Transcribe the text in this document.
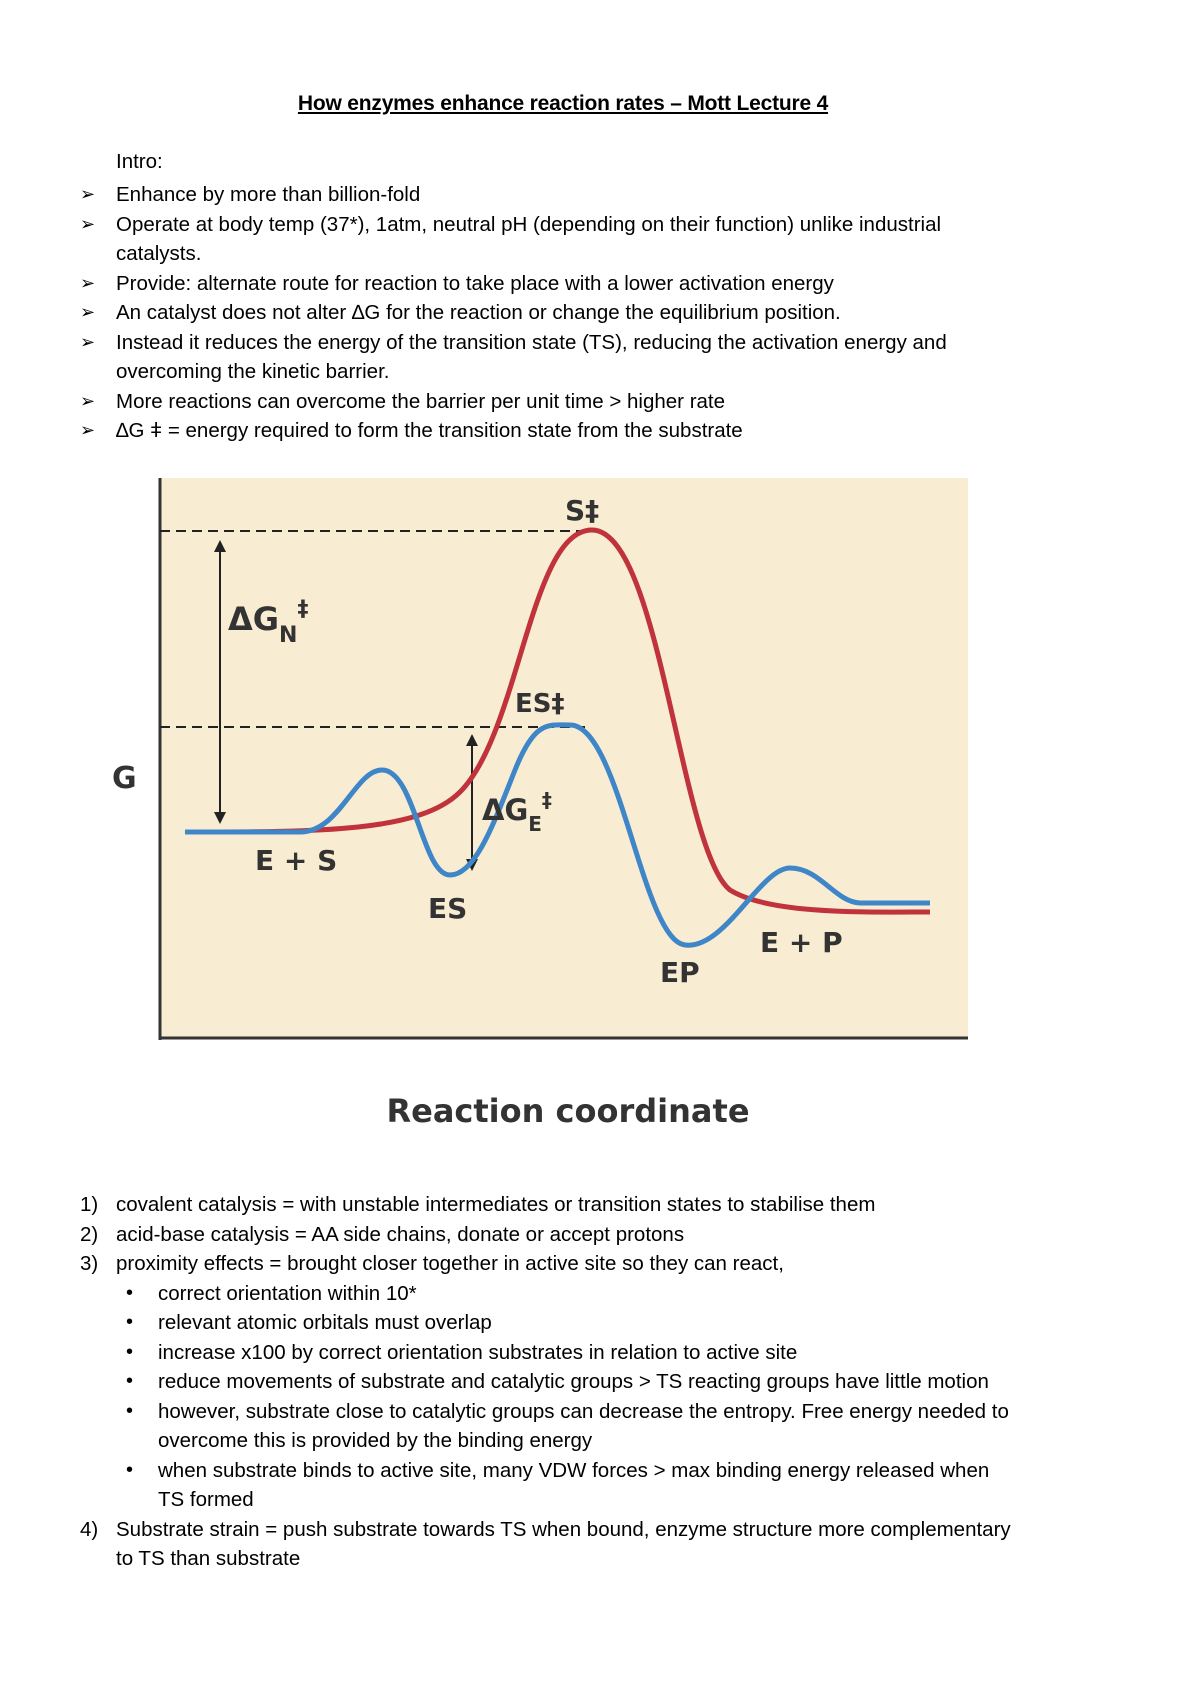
How enzymes enhance reaction rates – Mott Lecture 4
Intro:
➢ Enhance by more than billion-fold
➢ Operate at body temp (37*), 1atm, neutral pH (depending on their function) unlike industrial catalysts.
➢ Provide: alternate route for reaction to take place with a lower activation energy
➢ An catalyst does not alter ∆G for the reaction or change the equilibrium position.
➢ Instead it reduces the energy of the transition state (TS), reducing the activation energy and overcoming the kinetic barrier.
➢ More reactions can overcome the barrier per unit time > higher rate
➢ ∆G ǂ = energy required to form the transition state from the substrate
G
S‡
ES‡
$\Delta G_N^\ddagger$
$\Delta G_E^\ddagger$
E + S
ES
EP
E + P
Reaction coordinate
1) covalent catalysis = with unstable intermediates or transition states to stabilise them
2) acid-base catalysis = AA side chains, donate or accept protons
3) proximity effects = brought closer together in active site so they can react,
• correct orientation within 10*
• relevant atomic orbitals must overlap
• increase x100 by correct orientation substrates in relation to active site
• reduce movements of substrate and catalytic groups > TS reacting groups have little motion
• however, substrate close to catalytic groups can decrease the entropy. Free energy needed to overcome this is provided by the binding energy
• when substrate binds to active site, many VDW forces > max binding energy released when TS formed
4) Substrate strain = push substrate towards TS when bound, enzyme structure more complementary to TS than substrate
